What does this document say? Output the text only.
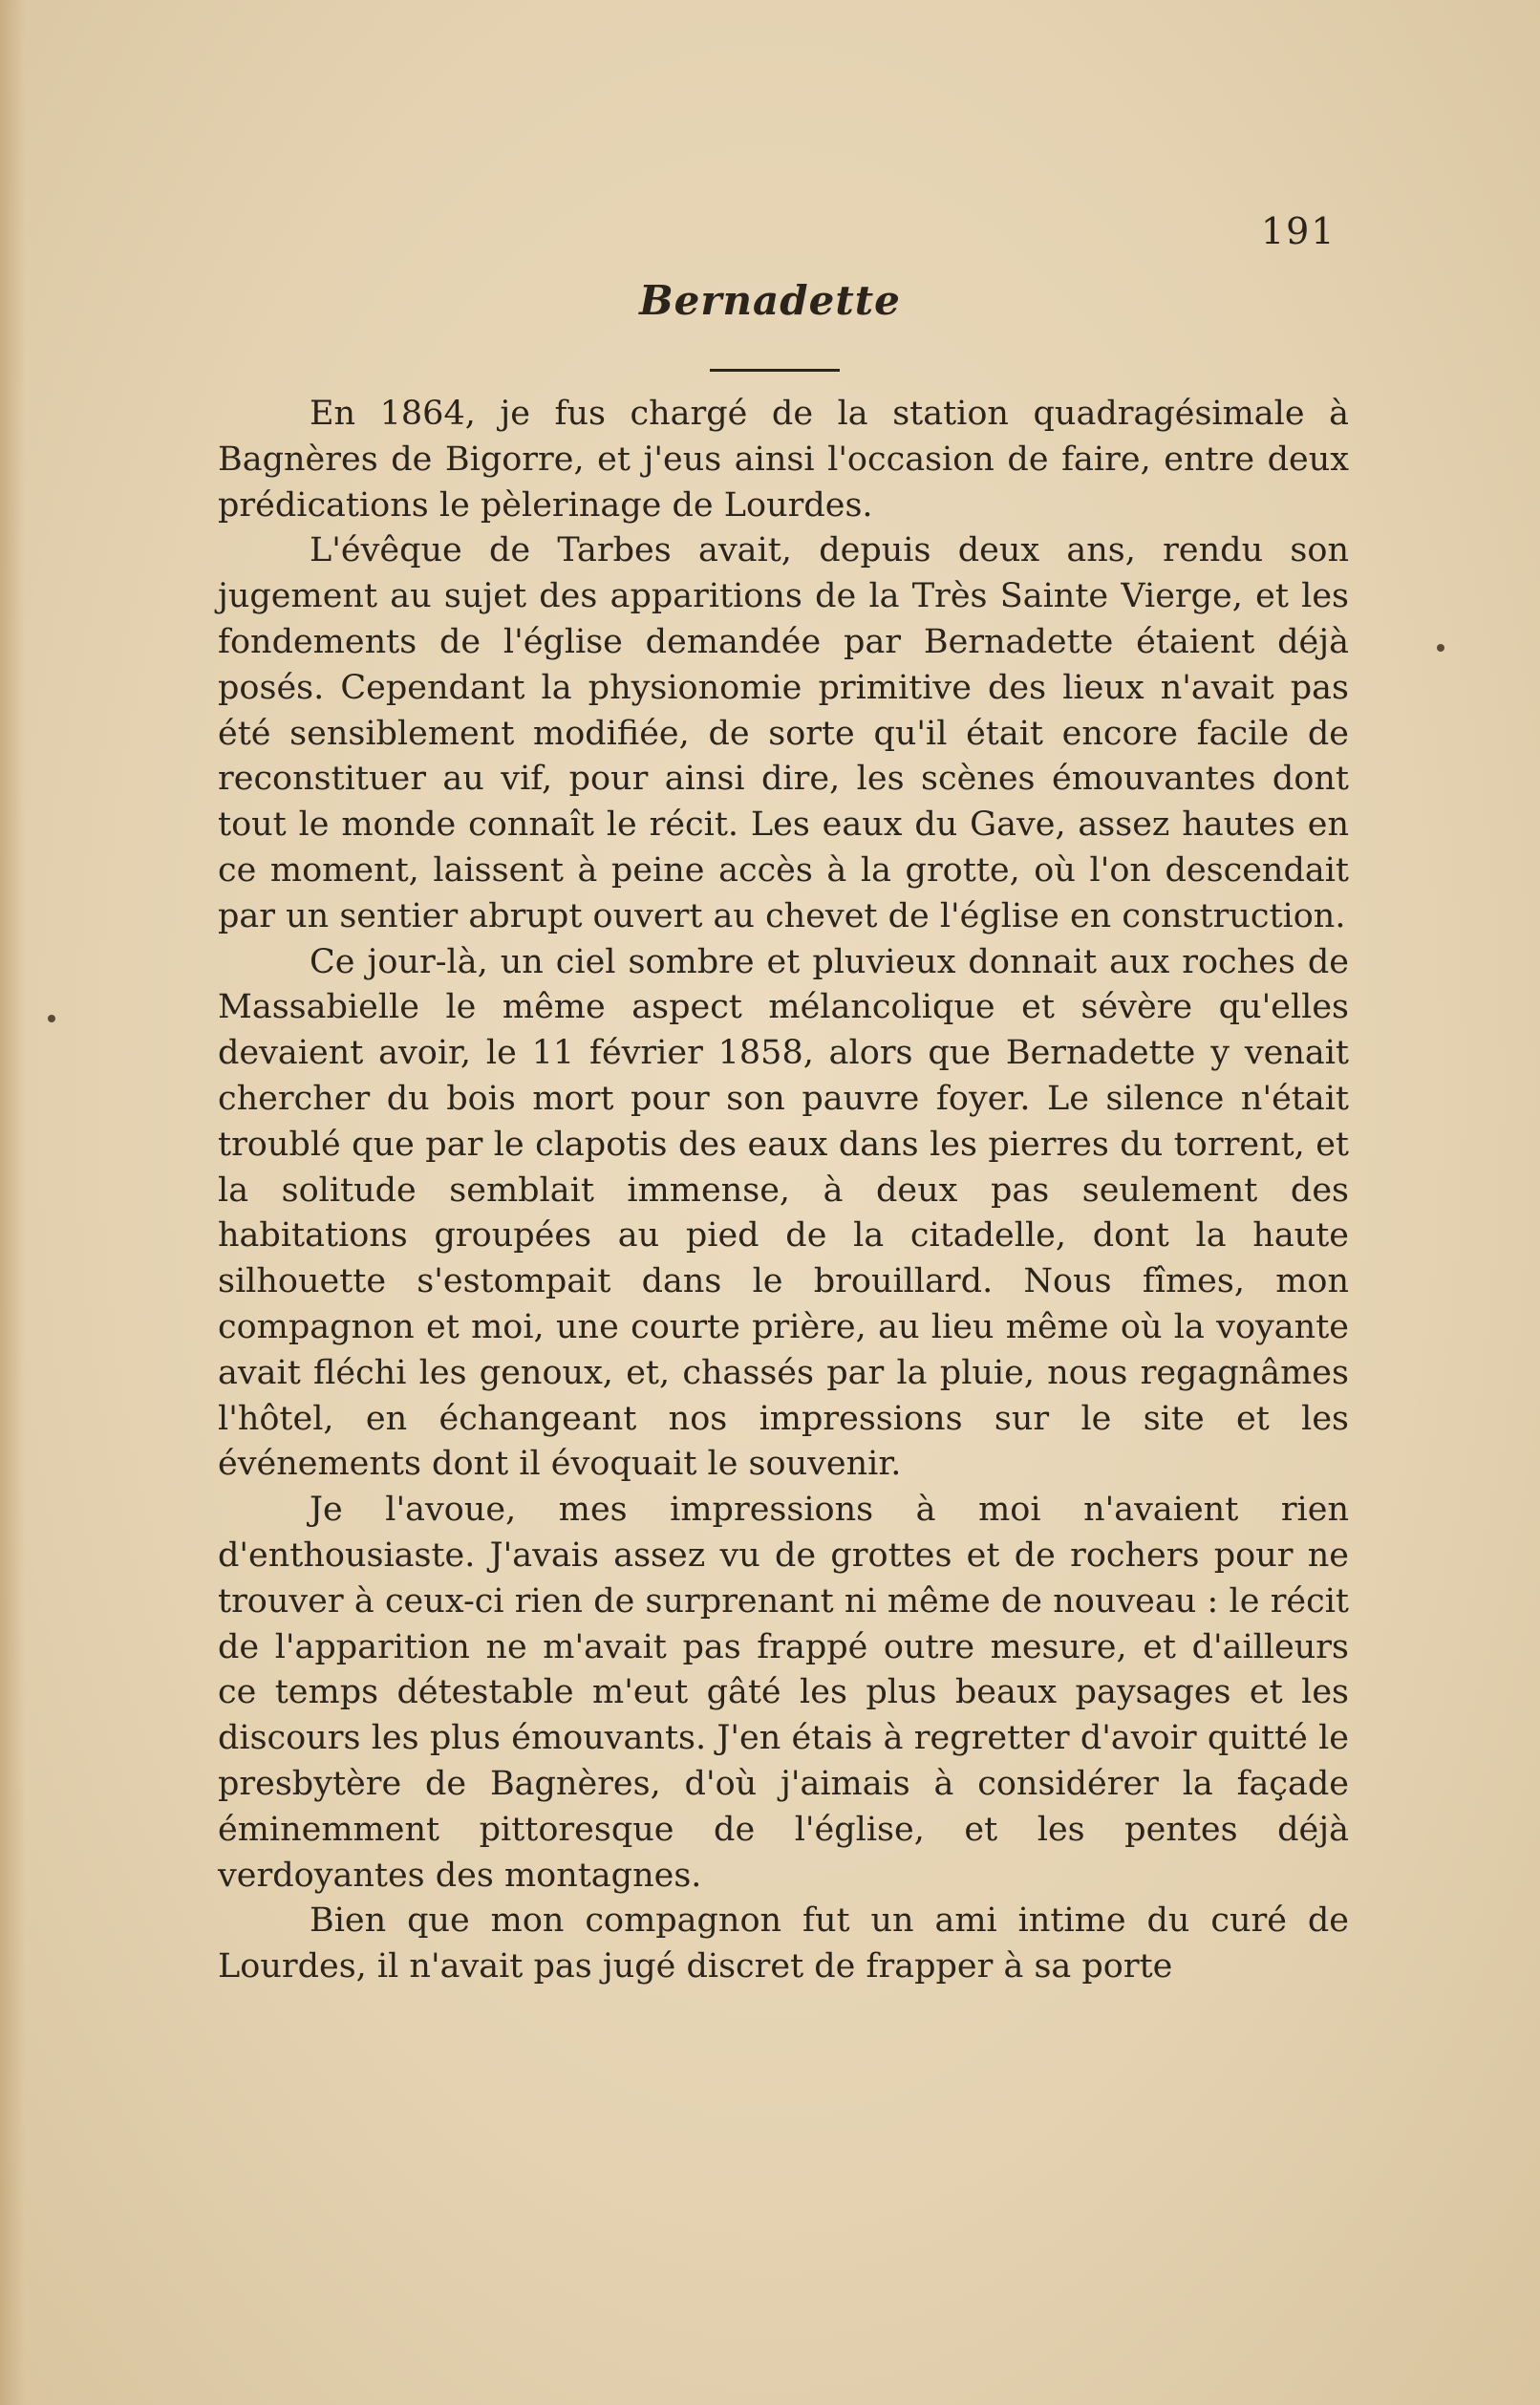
191
Bernadette

En 1864, je fus chargé de la station quadragésimale à Bagnères de Bigorre, et j'eus ainsi l'occasion de faire, entre deux prédications le pèlerinage de Lourdes.

L'évêque de Tarbes avait, depuis deux ans, rendu son jugement au sujet des apparitions de la Très Sainte Vierge, et les fondements de l'église demandée par Bernadette étaient déjà posés. Cependant la physionomie primitive des lieux n'avait pas été sensiblement modifiée, de sorte qu'il était encore facile de reconstituer au vif, pour ainsi dire, les scènes émouvantes dont tout le monde connaît le récit. Les eaux du Gave, assez hautes en ce moment, laissent à peine accès à la grotte, où l'on descendait par un sentier abrupt ouvert au chevet de l'église en construction.

Ce jour-là, un ciel sombre et pluvieux donnait aux roches de Massabielle le même aspect mélancolique et sévère qu'elles devaient avoir, le 11 février 1858, alors que Bernadette y venait chercher du bois mort pour son pauvre foyer. Le silence n'était troublé que par le clapotis des eaux dans les pierres du torrent, et la solitude semblait immense, à deux pas seulement des habitations groupées au pied de la citadelle, dont la haute silhouette s'estompait dans le brouillard. Nous fîmes, mon compagnon et moi, une courte prière, au lieu même où la voyante avait fléchi les genoux, et, chassés par la pluie, nous regagnâmes l'hôtel, en échangeant nos impressions sur le site et les événements dont il évoquait le souvenir.

Je l'avoue, mes impressions à moi n'avaient rien d'enthousiaste. J'avais assez vu de grottes et de rochers pour ne trouver à ceux-ci rien de surprenant ni même de nouveau : le récit de l'apparition ne m'avait pas frappé outre mesure, et d'ailleurs ce temps détestable m'eut gâté les plus beaux paysages et les discours les plus émouvants. J'en étais à regretter d'avoir quitté le presbytère de Bagnères, d'où j'aimais à considérer la façade éminemment pittoresque de l'église, et les pentes déjà verdoyantes des montagnes.

Bien que mon compagnon fut un ami intime du curé de Lourdes, il n'avait pas jugé discret de frapper à sa porte
